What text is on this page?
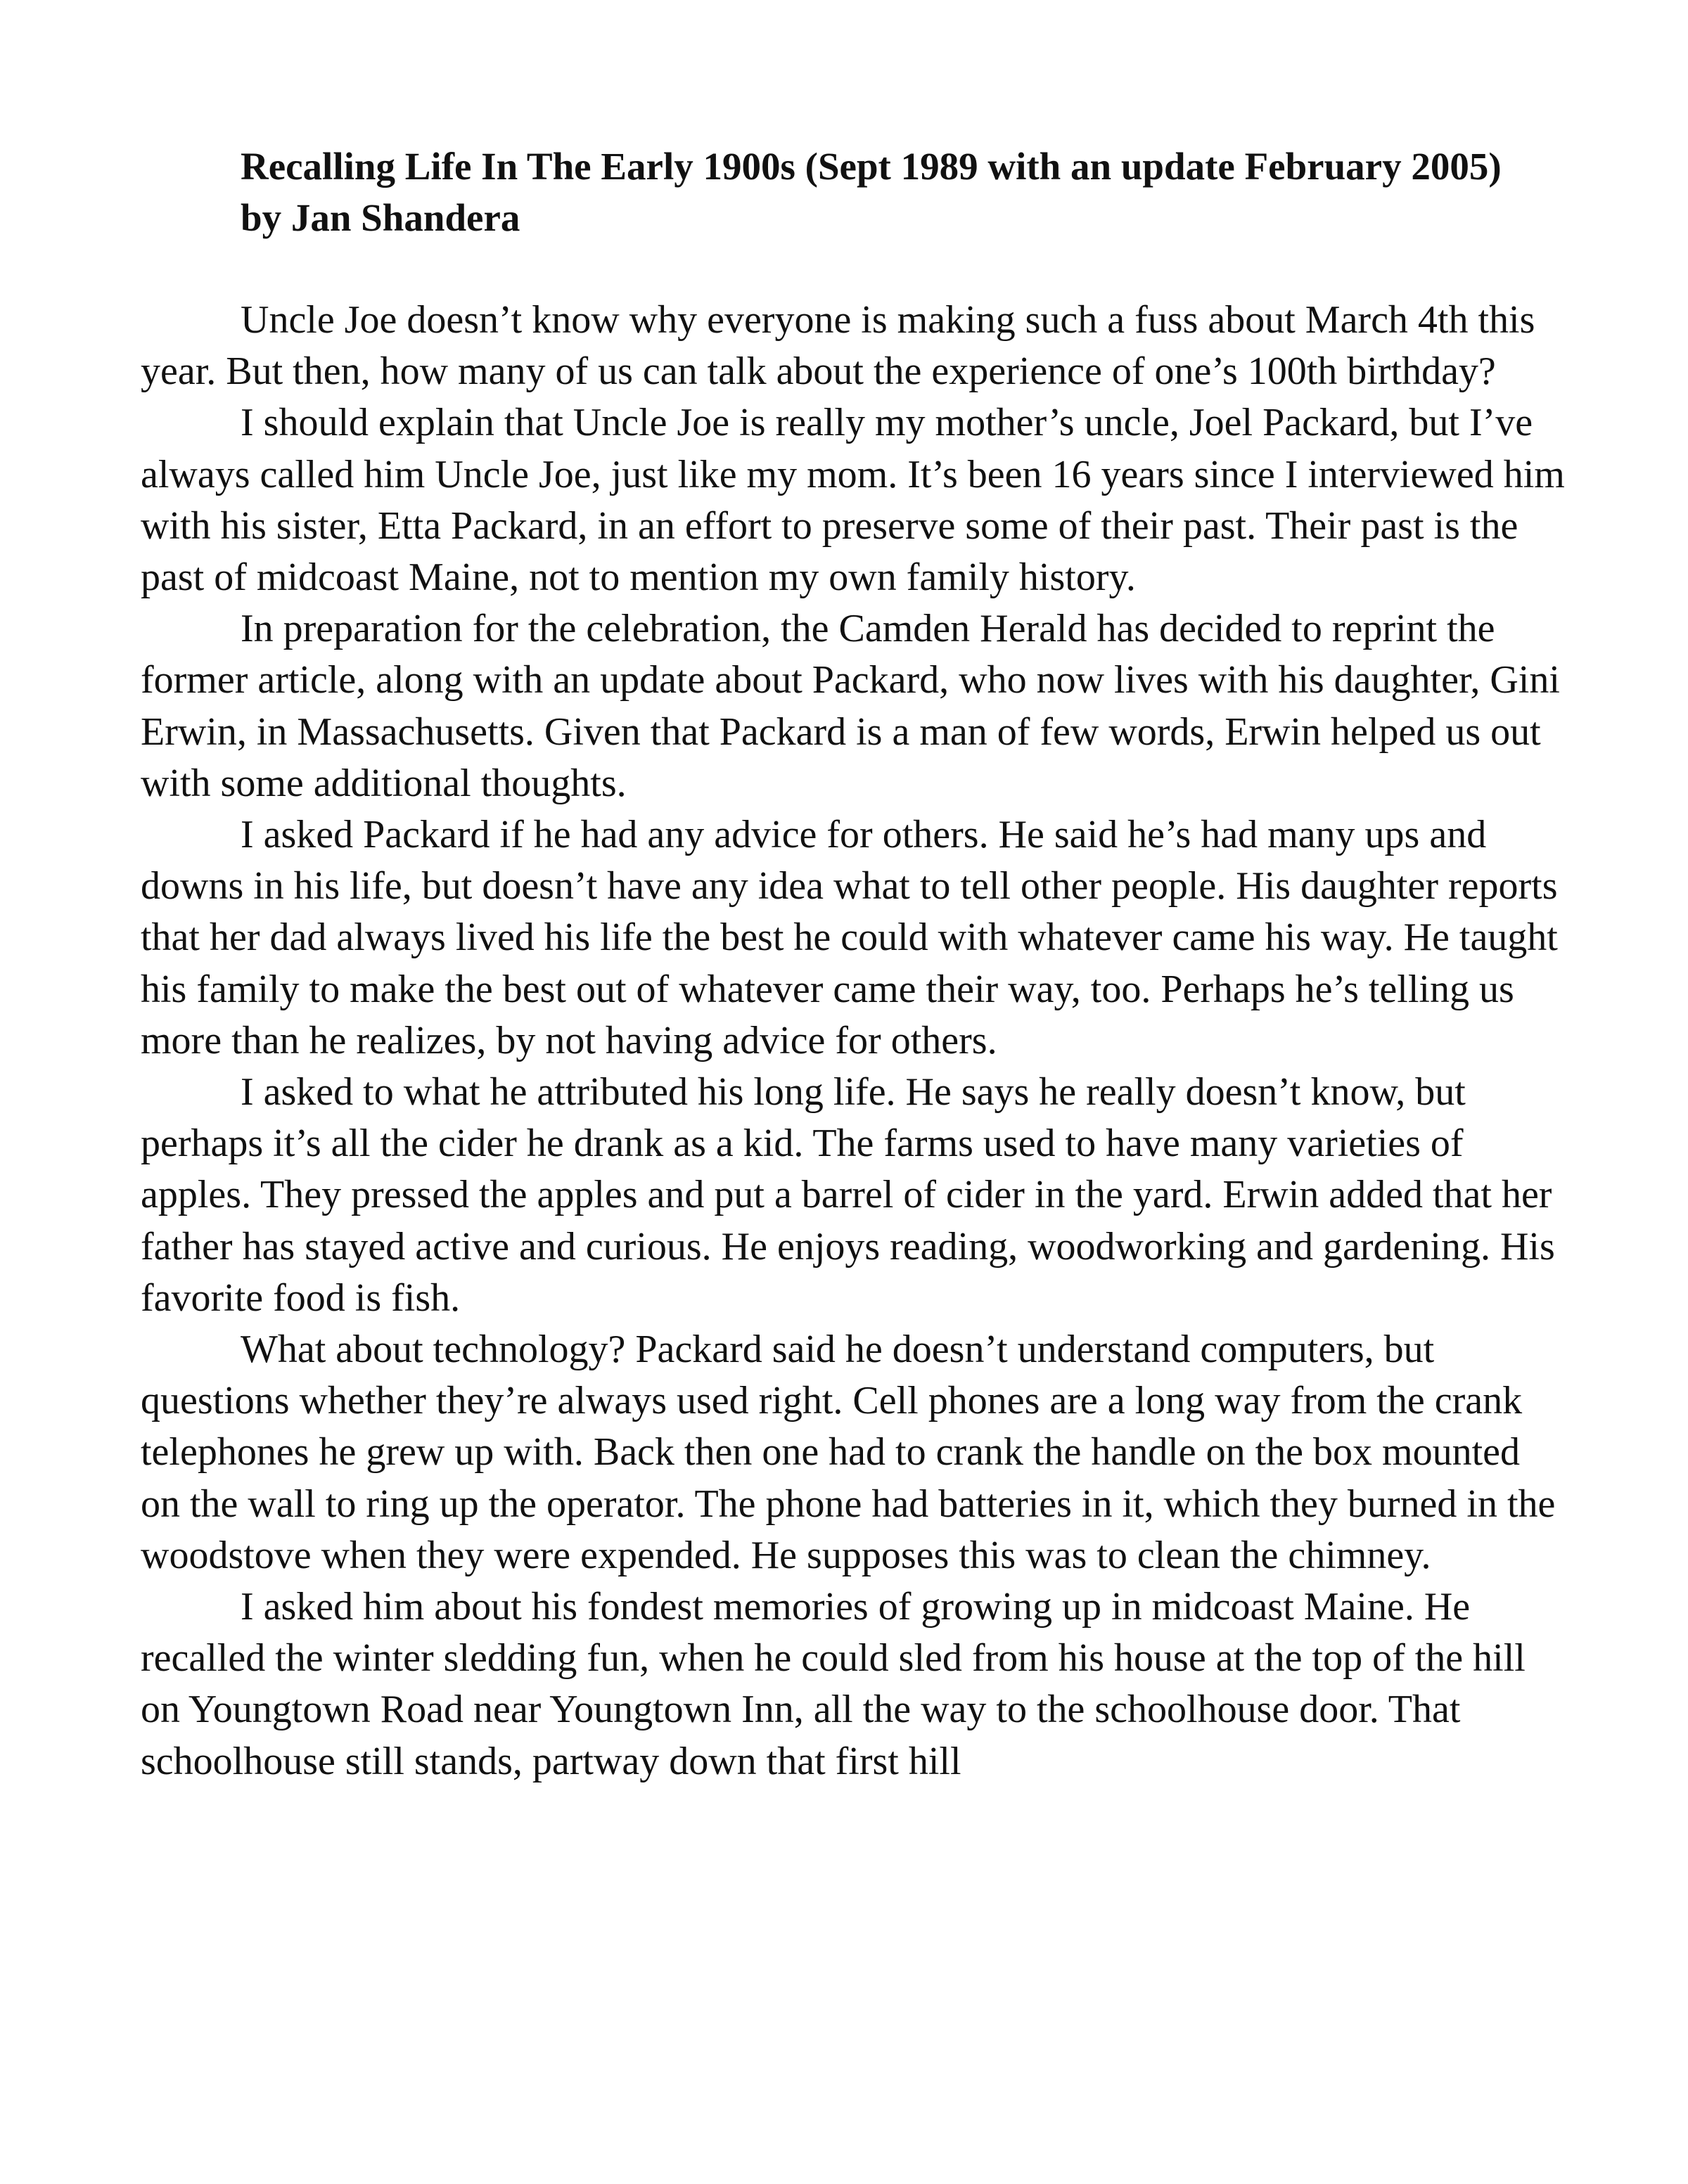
Recalling Life In The Early 1900s (Sept 1989 with an update February 2005)
by Jan Shandera

Uncle Joe doesn’t know why everyone is making such a fuss about March 4th this year. But then, how many of us can talk about the experience of one’s 100th birthday?

I should explain that Uncle Joe is really my mother’s uncle, Joel Packard, but I’ve always called him Uncle Joe, just like my mom. It’s been 16 years since I interviewed him with his sister, Etta Packard, in an effort to preserve some of their past. Their past is the past of midcoast Maine, not to mention my own family history.

In preparation for the celebration, the Camden Herald has decided to reprint the former article, along with an update about Packard, who now lives with his daughter, Gini Erwin, in Massachusetts. Given that Packard is a man of few words, Erwin helped us out with some additional thoughts.

I asked Packard if he had any advice for others. He said he’s had many ups and downs in his life, but doesn’t have any idea what to tell other people. His daughter reports that her dad always lived his life the best he could with whatever came his way. He taught his family to make the best out of whatever came their way, too. Perhaps he’s telling us more than he realizes, by not having advice for others.

I asked to what he attributed his long life. He says he really doesn’t know, but perhaps it’s all the cider he drank as a kid. The farms used to have many varieties of apples. They pressed the apples and put a barrel of cider in the yard. Erwin added that her father has stayed active and curious. He enjoys reading, woodworking and gardening. His favorite food is fish.

What about technology? Packard said he doesn’t understand computers, but questions whether they’re always used right. Cell phones are a long way from the crank telephones he grew up with. Back then one had to crank the handle on the box mounted on the wall to ring up the operator. The phone had batteries in it, which they burned in the woodstove when they were expended. He supposes this was to clean the chimney.

I asked him about his fondest memories of growing up in midcoast Maine. He recalled the winter sledding fun, when he could sled from his house at the top of the hill on Youngtown Road near Youngtown Inn, all the way to the schoolhouse door. That schoolhouse still stands, partway down that first hill
